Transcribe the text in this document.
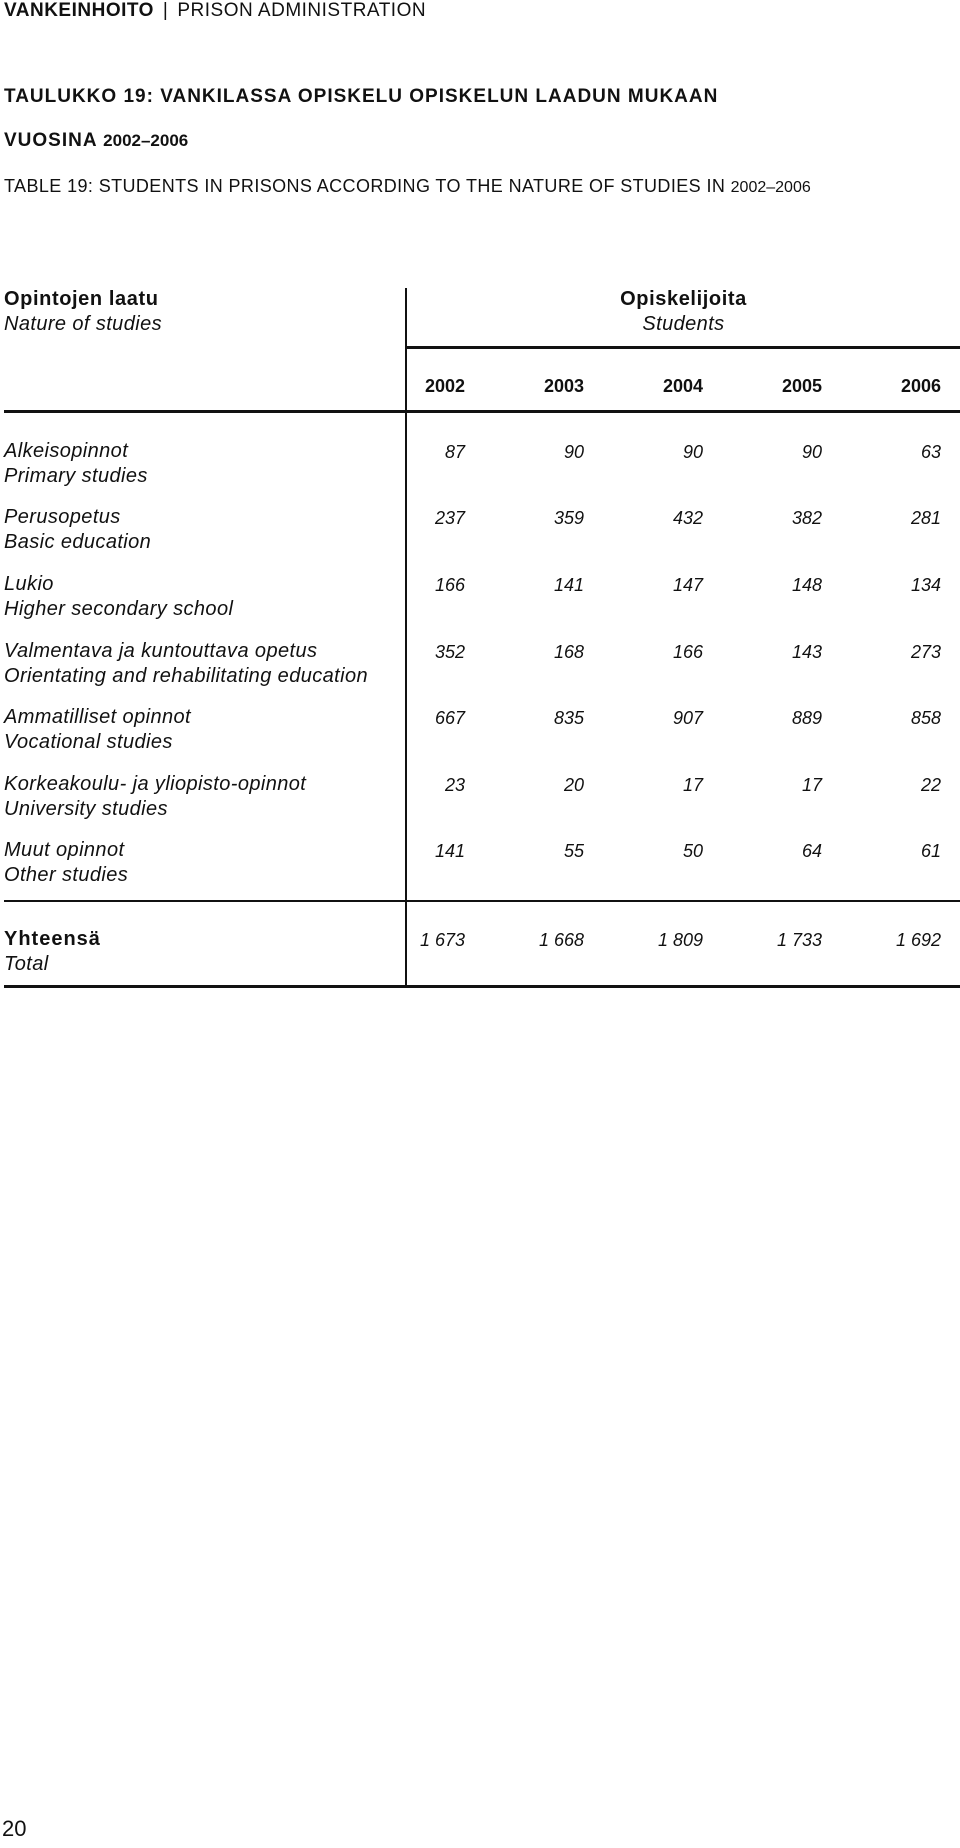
VANKEINHOITO | PRISON ADMINISTRATION
TAULUKKO 19: VANKILASSA OPISKELU OPISKELUN LAADUN MUKAAN
VUOSINA 2002–2006
TABLE 19: STUDENTS IN PRISONS ACCORDING TO THE NATURE OF STUDIES IN 2002–2006
Opintojen laatu
Nature of studies
Opiskelijoita
Students
2002	2003	2004	2005	2006
Alkeisopinnot
Primary studies
87	90	90	90	63
Perusopetus
Basic education
237	359	432	382	281
Lukio
Higher secondary school
166	141	147	148	134
Valmentava ja kuntouttava opetus
Orientating and rehabilitating education
352	168	166	143	273
Ammatilliset opinnot
Vocational studies
667	835	907	889	858
Korkeakoulu- ja yliopisto-opinnot
University studies
23	20	17	17	22
Muut opinnot
Other studies
141	55	50	64	61
Yhteensä
Total
1 673	1 668	1 809	1 733	1 692
20
